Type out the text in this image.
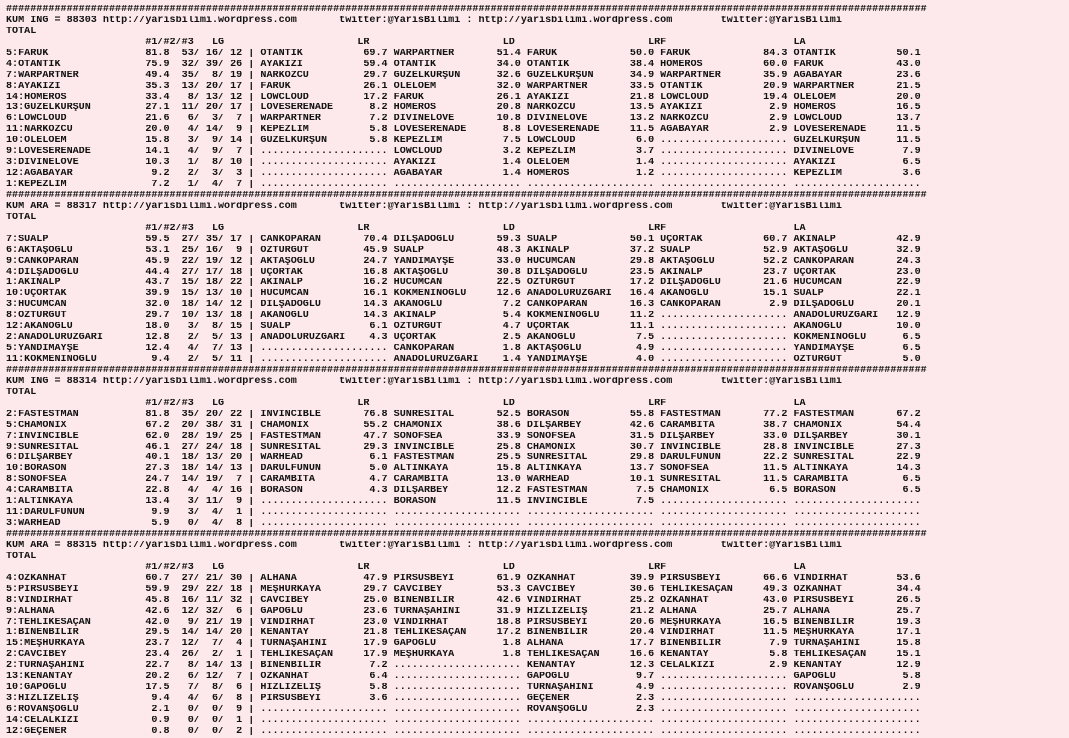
########################################################################################################################################################
KUM ING = 88303 http://yarisbilimi.wordpress.com       twitter:@YarisBilimi : http://yarisbilimi.wordpress.com        twitter:@YarisBilimi
TOTAL
#1/#2/#3   LG                      LR                      LD                      LRF                     LA
5:FARUK                81.8  53/ 16/ 12 | OTANTİK          69.7 WARPARTNER       51.4 FARUK            50.0 FARUK            84.3 OTANTİK          50.1
4:OTANTİK              75.9  32/ 39/ 26 | AYAKİZİ          59.4 OTANTİK          34.0 OTANTİK          38.4 HOMEROS          60.0 FARUK            43.0
7:WARPARTNER           49.4  35/  8/ 19 | NARKOZCU         29.7 GÜZELKURŞUN      32.6 GÜZELKURŞUN      34.9 WARPARTNER       35.9 AĞABAYAR         23.6
8:AYAKİZİ              35.3  13/ 20/ 17 | FARUK            26.1 OLELOEM          32.0 WARPARTNER       33.5 OTANTİK          20.9 WARPARTNER       21.5
14:HOMEROS             33.4   8/ 13/ 12 | LOWCLOUD         17.2 FARUK            26.1 AYAKİZİ          21.8 LOWCLOUD         19.4 OLELOEM          20.0
13:GÜZELKURŞUN         27.1  11/ 20/ 17 | LOVESERENADE      8.2 HOMEROS          20.8 NARKOZCU         13.5 AYAKİZİ           2.9 HOMEROS          16.5
6:LOWCLOUD             21.6   6/  3/  7 | WARPARTNER        7.2 DIVINELOVE       10.8 DIVINELOVE       13.2 NARKOZCU          2.9 LOWCLOUD         13.7
11:NARKOZCU            20.0   4/ 14/  9 | KEPEZLİM          5.8 LOVESERENADE      8.8 LOVESERENADE     11.5 AĞABAYAR          2.9 LOVESERENADE     11.5
10:OLELOEM             15.8   3/  9/ 14 | GÜZELKURŞUN       5.8 KEPEZLİM          7.5 LOWCLOUD          6.0 ..................... GÜZELKURŞUN      11.5
9:LOVESERENADE         14.1   4/  9/  7 | ..................... LOWCLOUD          3.2 KEPEZLİM          3.7 ..................... DIVINELOVE        7.9
3:DIVINELOVE           10.3   1/  8/ 10 | ..................... AYAKİZİ           1.4 OLELOEM           1.4 ..................... AYAKİZİ           6.5
12:AĞABAYAR             9.2   2/  3/  3 | ..................... AĞABAYAR          1.4 HOMEROS           1.2 ..................... KEPEZLİM          3.6
1:KEPEZLİM              7.2   1/  4/  7 | ..................... ..................... ..................... ..................... .....................
########################################################################################################################################################
KUM ARA = 88317 http://yarisbilimi.wordpress.com       twitter:@YarisBilimi : http://yarisbilimi.wordpress.com        twitter:@YarisBilimi
TOTAL
#1/#2/#3   LG                      LR                      LD                      LRF                     LA
7:SUALP                59.5  27/ 35/ 17 | CANKOPARAN       70.4 DİLŞADOĞLU       59.3 SUALP            50.1 ÜÇORTAK          60.7 AKINALP          42.9
6:AKTAŞOĞLU            53.1  25/ 16/  9 | ÖZTURGUT         45.9 SUALP            48.3 AKINALP          37.2 SUALP            52.9 AKTAŞOĞLU        32.9
9:CANKOPARAN           45.9  22/ 19/ 12 | AKTAŞOĞLU        24.7 YANDIMAYŞE       33.0 HÜCUMCAN         29.8 AKTAŞOĞLU        52.2 CANKOPARAN       24.3
4:DİLŞADOĞLU           44.4  27/ 17/ 18 | ÜÇORTAK          16.8 AKTAŞOĞLU        30.8 DİLŞADOĞLU       23.5 AKINALP          23.7 ÜÇORTAK          23.0
1:AKINALP              43.7  15/ 18/ 22 | AKINALP          16.2 HÜCUMCAN         22.5 ÖZTURGUT         17.2 DİLŞADOĞLU       21.6 HÜCUMCAN         22.9
10:ÜÇORTAK             39.9  15/ 13/ 10 | HÜCUMCAN         16.1 KÖKMENİNOĞLU     12.6 ANADOLURÜZGARI   16.4 AKANOĞLU         15.1 SUALP            22.1
3:HÜCUMCAN             32.0  18/ 14/ 12 | DİLŞADOĞLU       14.3 AKANOĞLU          7.2 CANKOPARAN       16.3 CANKOPARAN        2.9 DİLŞADOĞLU       20.1
8:ÖZTURGUT             29.7  10/ 13/ 18 | AKANOĞLU         14.3 AKINALP           5.4 KÖKMENİNOĞLU     11.2 ..................... ANADOLURÜZGARI   12.9
12:AKANOĞLU            18.0   3/  8/ 15 | SUALP             6.1 ÖZTURGUT          4.7 ÜÇORTAK          11.1 ..................... AKANOĞLU         10.0
2:ANADOLURÜZGARI       12.8   2/  5/ 13 | ANADOLURÜZGARI    4.3 ÜÇORTAK           2.5 AKANOĞLU          7.5 ..................... KÖKMENİNOĞLU      6.5
5:YANDIMAYŞE           12.4   4/  7/ 13 | ..................... CANKOPARAN        1.8 AKTAŞOĞLU         4.9 ..................... YANDIMAYŞE        6.5
11:KÖKMENİNOĞLU         9.4   2/  5/ 11 | ..................... ANADOLURÜZGARI    1.4 YANDIMAYŞE        4.0 ..................... ÖZTURGUT          5.0
########################################################################################################################################################
KUM ING = 88314 http://yarisbilimi.wordpress.com       twitter:@YarisBilimi : http://yarisbilimi.wordpress.com        twitter:@YarisBilimi
TOTAL
#1/#2/#3   LG                      LR                      LD                      LRF                     LA
2:FASTESTMAN           81.8  35/ 20/ 22 | INVINCIBLE       76.8 SUNRESITAL       52.5 BORASON          55.8 FASTESTMAN       77.2 FASTESTMAN       67.2
5:CHAMONIX             67.2  20/ 38/ 31 | CHAMONIX         55.2 CHAMONIX         38.6 DİLŞARBEY        42.6 CARAMBITA        38.7 CHAMONIX         54.4
7:INVINCIBLE           62.0  28/ 19/ 25 | FASTESTMAN       47.7 SONOFSEA         33.9 SONOFSEA         31.5 DİLŞARBEY        33.0 DİLŞARBEY        30.1
9:SUNRESITAL           46.1  27/ 24/ 18 | SUNRESITAL       29.3 INVINCIBLE       25.8 CHAMONIX         30.7 INVINCIBLE       28.8 INVINCIBLE       27.3
6:DİLŞARBEY            40.1  18/ 13/ 20 | WARHEAD           6.1 FASTESTMAN       25.5 SUNRESITAL       29.8 DARÜLFÜNUN       22.2 SUNRESITAL       22.9
10:BORASON             27.3  18/ 14/ 13 | DARÜLFÜNUN        5.0 ALTINKAYA        15.8 ALTINKAYA        13.7 SONOFSEA         11.5 ALTINKAYA        14.3
8:SONOFSEA             24.7  14/ 19/  7 | CARAMBITA         4.7 CARAMBITA        13.0 WARHEAD          10.1 SUNRESITAL       11.5 CARAMBITA         6.5
4:CARAMBITA            22.8   4/  4/ 16 | BORASON           4.3 DİLŞARBEY        12.2 FASTESTMAN        7.5 CHAMONIX          6.5 BORASON           6.5
1:ALTINKAYA            13.4   3/ 11/  9 | ..................... BORASON          11.5 INVINCIBLE        7.5 ..................... .....................
11:DARÜLFÜNUN           9.9   3/  4/  1 | ..................... ..................... ..................... ..................... .....................
3:WARHEAD               5.9   0/  4/  8 | ..................... ..................... ..................... ..................... .....................
########################################################################################################################################################
KUM ARA = 88315 http://yarisbilimi.wordpress.com       twitter:@YarisBilimi : http://yarisbilimi.wordpress.com        twitter:@YarisBilimi
TOTAL
#1/#2/#3   LG                      LR                      LD                      LRF                     LA
4:ÖZKANHAT             60.7  27/ 21/ 30 | ALHANA           47.9 PİRSÜSBEYİ       61.9 ÖZKANHAT         39.9 PİRSÜSBEYİ       66.6 VİNDİRHAT        53.6
5:PİRSÜSBEYİ           59.9  29/ 22/ 18 | MEŞHURKAYA       29.7 CAVCIBEY         53.3 CAVCIBEY         30.6 TEHLİKESAÇAN     49.3 ÖZKANHAT         34.4
8:VİNDİRHAT            45.8  16/ 11/ 32 | CAVCIBEY         25.0 BİNENBİLİR       42.6 VİNDİRHAT        25.2 ÖZKANHAT         43.0 PİRSÜSBEYİ       26.5
9:ALHANA               42.6  12/ 32/  6 | GAPOĞLU          23.6 TURNAŞAHİNİ      31.9 HIZLIZELİŞ       21.2 ALHANA           25.7 ALHANA           25.7
7:TEHLİKESAÇAN         42.0   9/ 21/ 19 | VİNDİRHAT        23.0 VİNDİRHAT        18.8 PİRSÜSBEYİ       20.6 MEŞHURKAYA       16.5 BİNENBİLİR       19.3
1:BİNENBİLİR           29.5  14/ 14/ 20 | KENANTAY         21.8 TEHLİKESAÇAN     17.2 BİNENBİLİR       20.4 VİNDİRHAT        11.5 MEŞHURKAYA       17.1
15:MEŞHURKAYA          23.7  12/  7/  4 | TURNAŞAHİNİ      17.9 GAPOĞLU           1.8 ALHANA           17.7 BİNENBİLİR        7.9 TURNAŞAHİNİ      15.8
2:CAVCIBEY             23.4  26/  2/  1 | TEHLİKESAÇAN     17.9 MEŞHURKAYA        1.8 TEHLİKESAÇAN     16.6 KENANTAY          5.8 TEHLİKESAÇAN     15.1
2:TURNAŞAHİNİ          22.7   8/ 14/ 13 | BİNENBİLİR        7.2 ..................... KENANTAY         12.3 CELALKIZI         2.9 KENANTAY         12.9
13:KENANTAY            20.2   6/ 12/  7 | ÖZKANHAT          6.4 ..................... GAPOĞLU           9.7 ..................... GAPOĞLU           5.8
10:GAPOĞLU             17.5   7/  8/  6 | HIZLIZELİŞ        5.8 ..................... TURNAŞAHİNİ       4.9 ..................... RÖVANŞOĞLU        2.9
3:HIZLIZELİŞ            9.4   4/  6/  8 | PİRSÜSBEYİ        3.6 ..................... GEÇENER           2.3 ..................... .....................
6:RÖVANŞOĞLU            2.1   0/  0/  9 | ..................... ..................... RÖVANŞOĞLU        2.3 ..................... .....................
14:CELALKIZI            0.9   0/  0/  1 | ..................... ..................... ..................... ..................... .....................
12:GEÇENER              0.8   0/  0/  2 | ..................... ..................... ..................... ..................... .....................
